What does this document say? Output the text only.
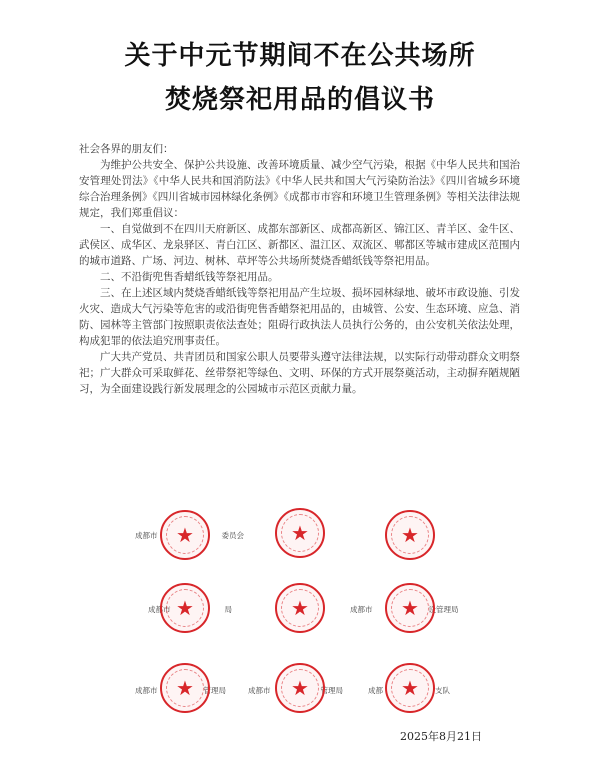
关于中元节期间不在公共场所
焚烧祭祀用品的倡议书
社会各界的朋友们：

为维护公共安全、保护公共设施、改善环境质量、减少空气污染，根据《中华人民共和国治安管理处罚法》《中华人民共和国消防法》《中华人民共和国大气污染防治法》《四川省城乡环境综合治理条例》《四川省城市园林绿化条例》《成都市市容和环境卫生管理条例》等相关法律法规规定，我们郑重倡议：

一、自觉做到不在四川天府新区、成都东部新区、成都高新区、锦江区、青羊区、金牛区、武侯区、成华区、龙泉驿区、青白江区、新都区、温江区、双流区、郫都区等城市建成区范围内的城市道路、广场、河边、树林、草坪等公共场所焚烧香蜡纸钱等祭祀用品。

二、不沿街兜售香蜡纸钱等祭祀用品。

三、在上述区域内焚烧香蜡纸钱等祭祀用品产生垃圾、损坏园林绿地、破坏市政设施、引发火灾、造成大气污染等危害的或沿街兜售香蜡祭祀用品的，由城管、公安、生态环境、应急、消防、园林等主管部门按照职责依法查处；阻碍行政执法人员执行公务的，由公安机关依法处理，构成犯罪的依法追究刑事责任。

广大共产党员、共青团员和国家公职人员要带头遵守法律法规，以实际行动带动群众文明祭祀；广大群众可采取鲜花、丝带祭祀等绿色、文明、环保的方式开展祭奠活动，主动摒弃陋规陋习，为全面建设践行新发展理念的公园城市示范区贡献力量。

成都市	委员会
★	★	★
成都市	局
★	★	成都市	设管理局
★
成都市	管理局
★	成都市	管理局
★	成都	支队
★
2025年8月21日
